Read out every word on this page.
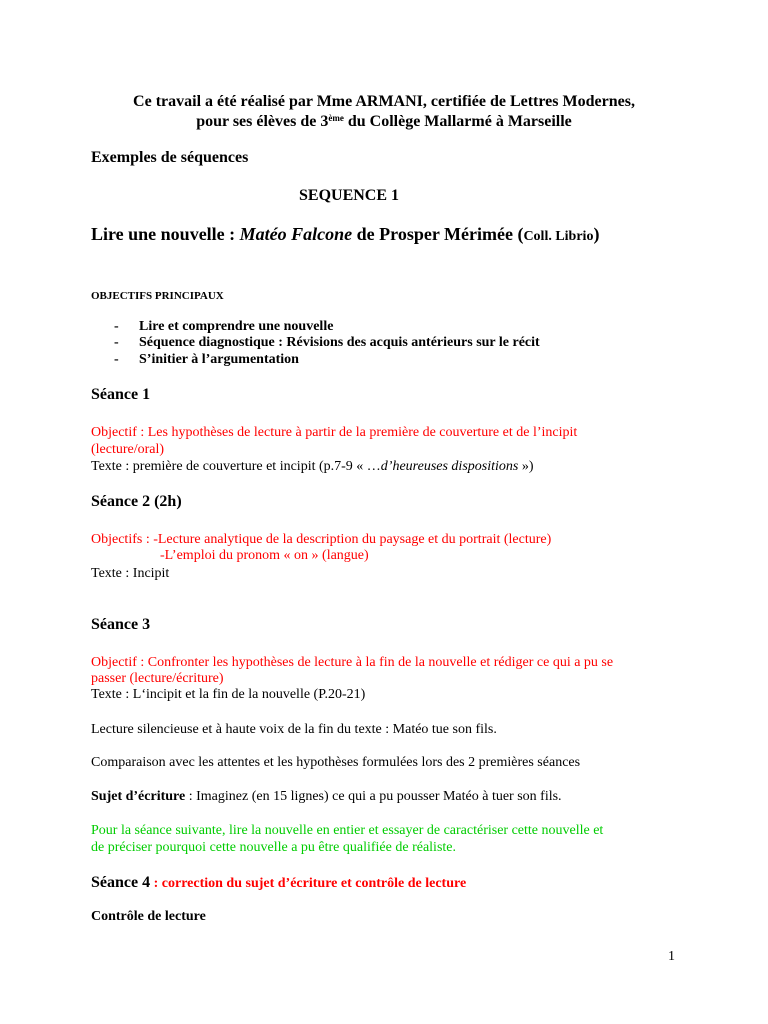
Ce travail a été réalisé par Mme ARMANI, certifiée de Lettres Modernes,
pour ses élèves de 3ème du Collège Mallarmé à Marseille
Exemples de séquences
SEQUENCE 1
Lire une nouvelle : Matéo Falcone de Prosper Mérimée (Coll. Librio)
OBJECTIFS PRINCIPAUX
- Lire et comprendre une nouvelle
- Séquence diagnostique : Révisions des acquis antérieurs sur le récit
- S’initier à l’argumentation
Séance 1
Objectif : Les hypothèses de lecture à partir de la première de couverture et de l’incipit
(lecture/oral)
Texte : première de couverture et incipit (p.7-9 « …d’heureuses dispositions »)
Séance 2 (2h)
Objectifs : -Lecture analytique de la description du paysage et du portrait (lecture)
-L’emploi du pronom « on » (langue)
Texte : Incipit
Séance 3
Objectif : Confronter les hypothèses de lecture à la fin de la nouvelle et rédiger ce qui a pu se
passer (lecture/écriture)
Texte : L‘incipit et la fin de la nouvelle (P.20-21)
Lecture silencieuse et à haute voix de la fin du texte : Matéo tue son fils.
Comparaison avec les attentes et les hypothèses formulées lors des 2 premières séances
Sujet d’écriture : Imaginez (en 15 lignes) ce qui a pu pousser Matéo à tuer son fils.
Pour la séance suivante, lire la nouvelle en entier et essayer de caractériser cette nouvelle et
de préciser pourquoi cette nouvelle a pu être qualifiée de réaliste.
Séance 4 : correction du sujet d’écriture et contrôle de lecture
Contrôle de lecture
1
